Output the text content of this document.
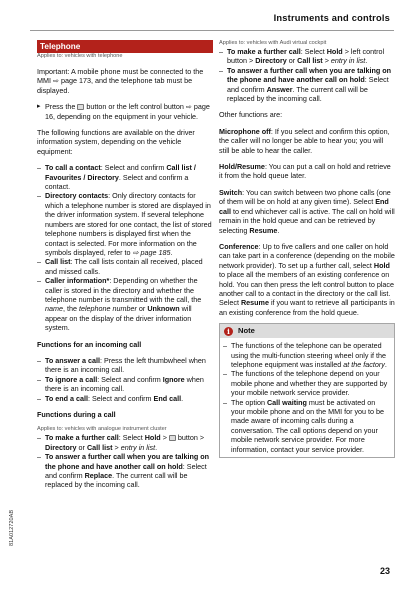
Instruments and controls
Telephone
Applies to: vehicles with telephone

Important: A mobile phone must be connected to the MMI ⇨ page 173, and the telephone tab must be displayed.

▸ Press the  button or the left control button ⇨ page 16, depending on the equipment in your vehicle.

The following functions are available on the driver information system, depending on the vehicle equipment:

– To call a contact: Select and confirm Call list / Favourites / Directory. Select and confirm a contact.
– Directory contacts: Only directory contacts for which a telephone number is stored are displayed in the driver information system. If several telephone numbers are stored for one contact, the list of stored telephone numbers is displayed first when the contact is selected. For more information on the symbols displayed, refer to ⇨ page 185.
– Call list: The call lists contain all received, placed and missed calls.
– Caller information*: Depending on whether the caller is stored in the directory and whether the telephone number is transmitted with the call, the name, the telephone number or Unknown will appear on the display of the driver information system.

Functions for an incoming call

– To answer a call: Press the left thumbwheel when there is an incoming call.
– To ignore a call: Select and confirm Ignore when there is an incoming call.
– To end a call: Select and confirm End call.

Functions during a call

Applies to: vehicles with analogue instrument cluster
– To make a further call: Select Hold >  button > Directory or Call list > entry in list.
– To answer a further call when you are talking on the phone and have another call on hold: Select and confirm Replace. The current call will be replaced by the incoming call.
Applies to: vehicles with Audi virtual cockpit
– To make a further call: Select Hold > left control button > Directory or Call list > entry in list.
– To answer a further call when you are talking on the phone and have another call on hold: Select and confirm Answer. The current call will be replaced by the incoming call.

Other functions are:

Microphone off: If you select and confirm this option, the caller will no longer be able to hear you; you will still be able to hear the caller.

Hold/Resume: You can put a call on hold and retrieve it from the hold queue later.

Switch: You can switch between two phone calls (one of them will be on hold at any given time). Select End call to end whichever call is active. The call on hold will remain in the hold queue and can be retrieved by selecting Resume.

Conference: Up to five callers and one caller on hold can take part in a conference (depending on the mobile network provider). To set up a further call, select Hold to place all the members of an existing conference on hold. You can then press the left control button to place another call to a contact in the directory or the call list. Select Resume if you want to retrieve all participants in an existing conference from the hold queue.

i	Note
– The functions of the telephone can be operated using the multi-function steering wheel only if the telephone equipment was installed at the factory.
– The functions of the telephone depend on your mobile phone and whether they are supported by your mobile network service provider.
– The option Call waiting must be activated on your mobile phone and on the MMI for you to be made aware of incoming calls during a conversation. The call options depend on your mobile network service provider. For more information, contact your service provider.
81A012720AB
23
